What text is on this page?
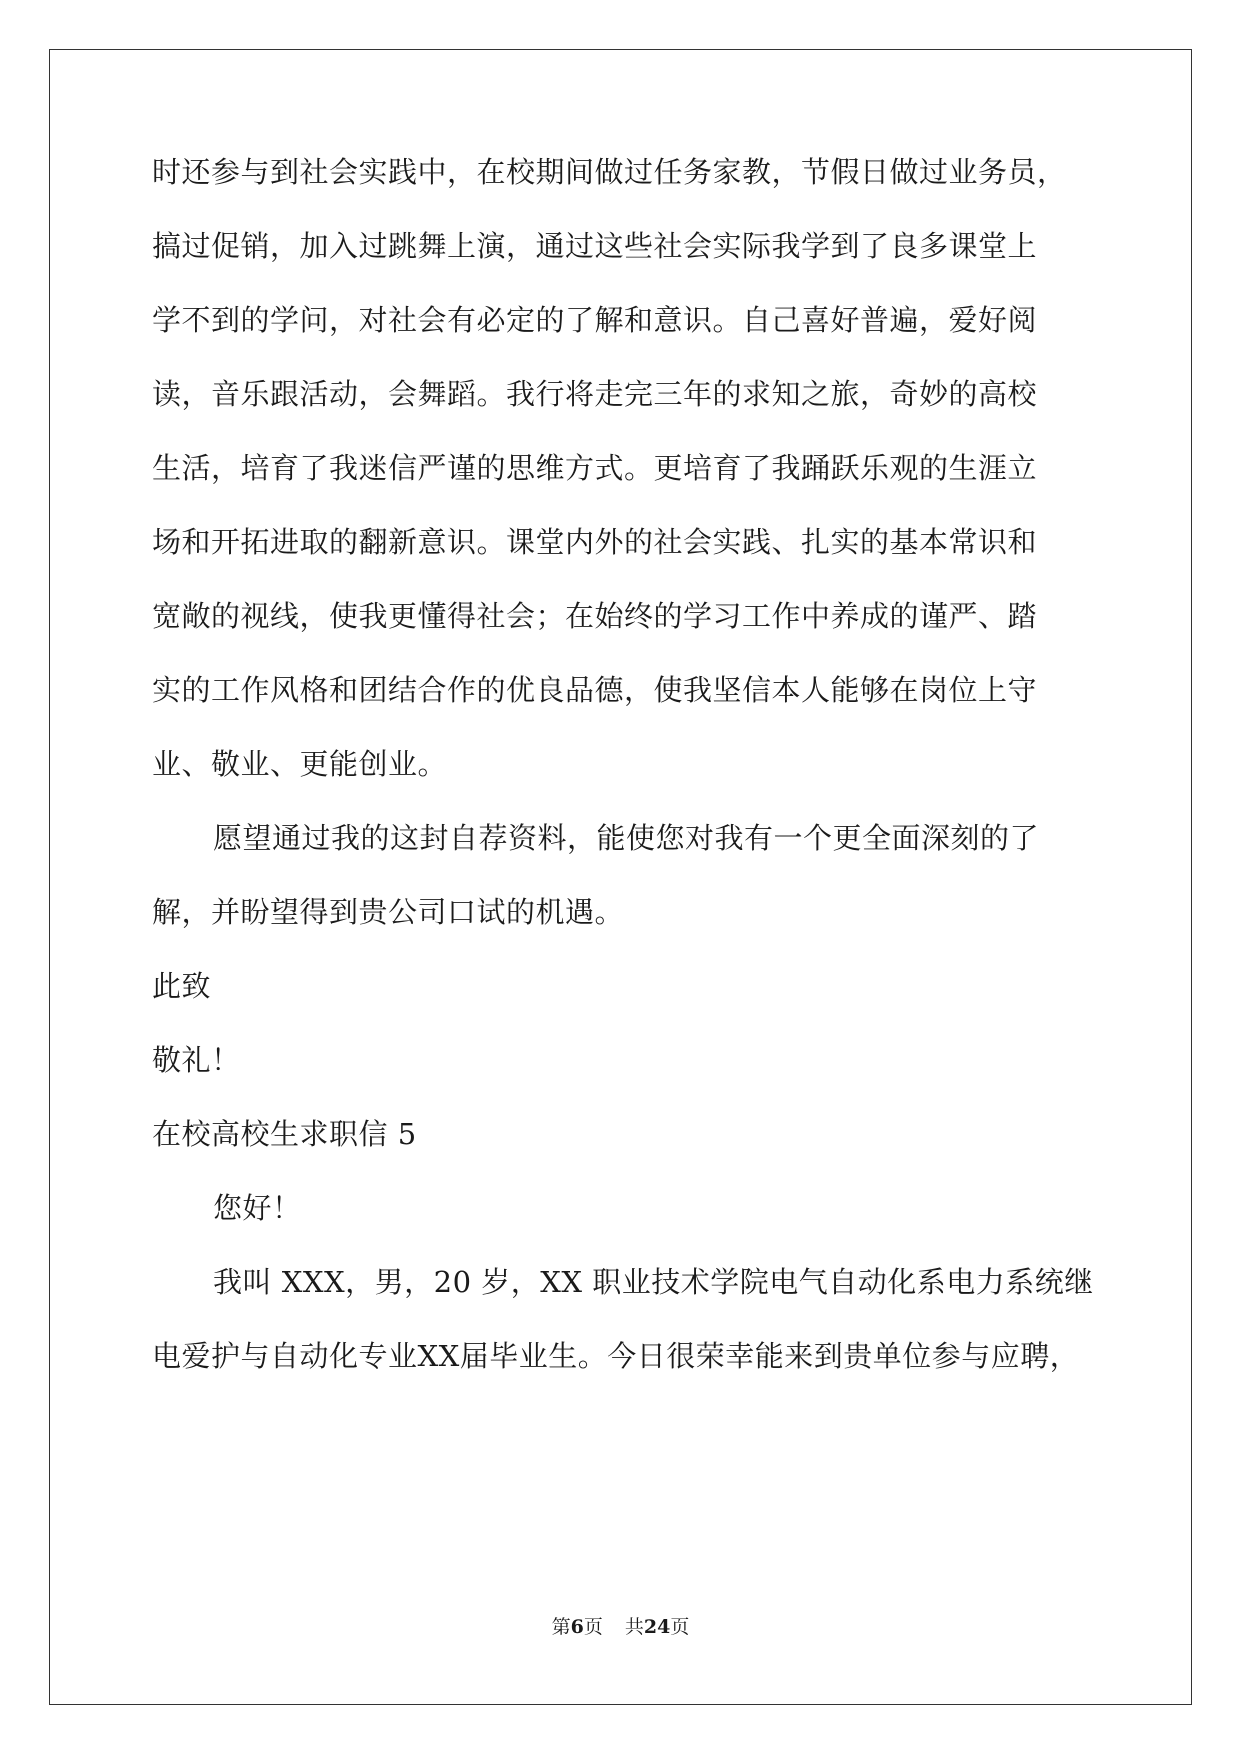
时还参与到社会实践中，在校期间做过任务家教，节假日做过业务员，
搞过促销，加入过跳舞上演，通过这些社会实际我学到了良多课堂上
学不到的学问，对社会有必定的了解和意识。自己喜好普遍，爱好阅
读，音乐跟活动，会舞蹈。我行将走完三年的求知之旅，奇妙的高校
生活，培育了我迷信严谨的思维方式。更培育了我踊跃乐观的生涯立
场和开拓进取的翻新意识。课堂内外的社会实践、扎实的基本常识和
宽敞的视线，使我更懂得社会；在始终的学习工作中养成的谨严、踏
实的工作风格和团结合作的优良品德，使我坚信本人能够在岗位上守
业、敬业、更能创业。
愿望通过我的这封自荐资料，能使您对我有一个更全面深刻的了
解，并盼望得到贵公司口试的机遇。
此致
敬礼！
在校高校生求职信 5
您好！
我叫 XXX，男，20 岁，XX 职业技术学院电气自动化系电力系统继
电爱护与自动化专业XX届毕业生。今日很荣幸能来到贵单位参与应聘，
第6页 共24页
